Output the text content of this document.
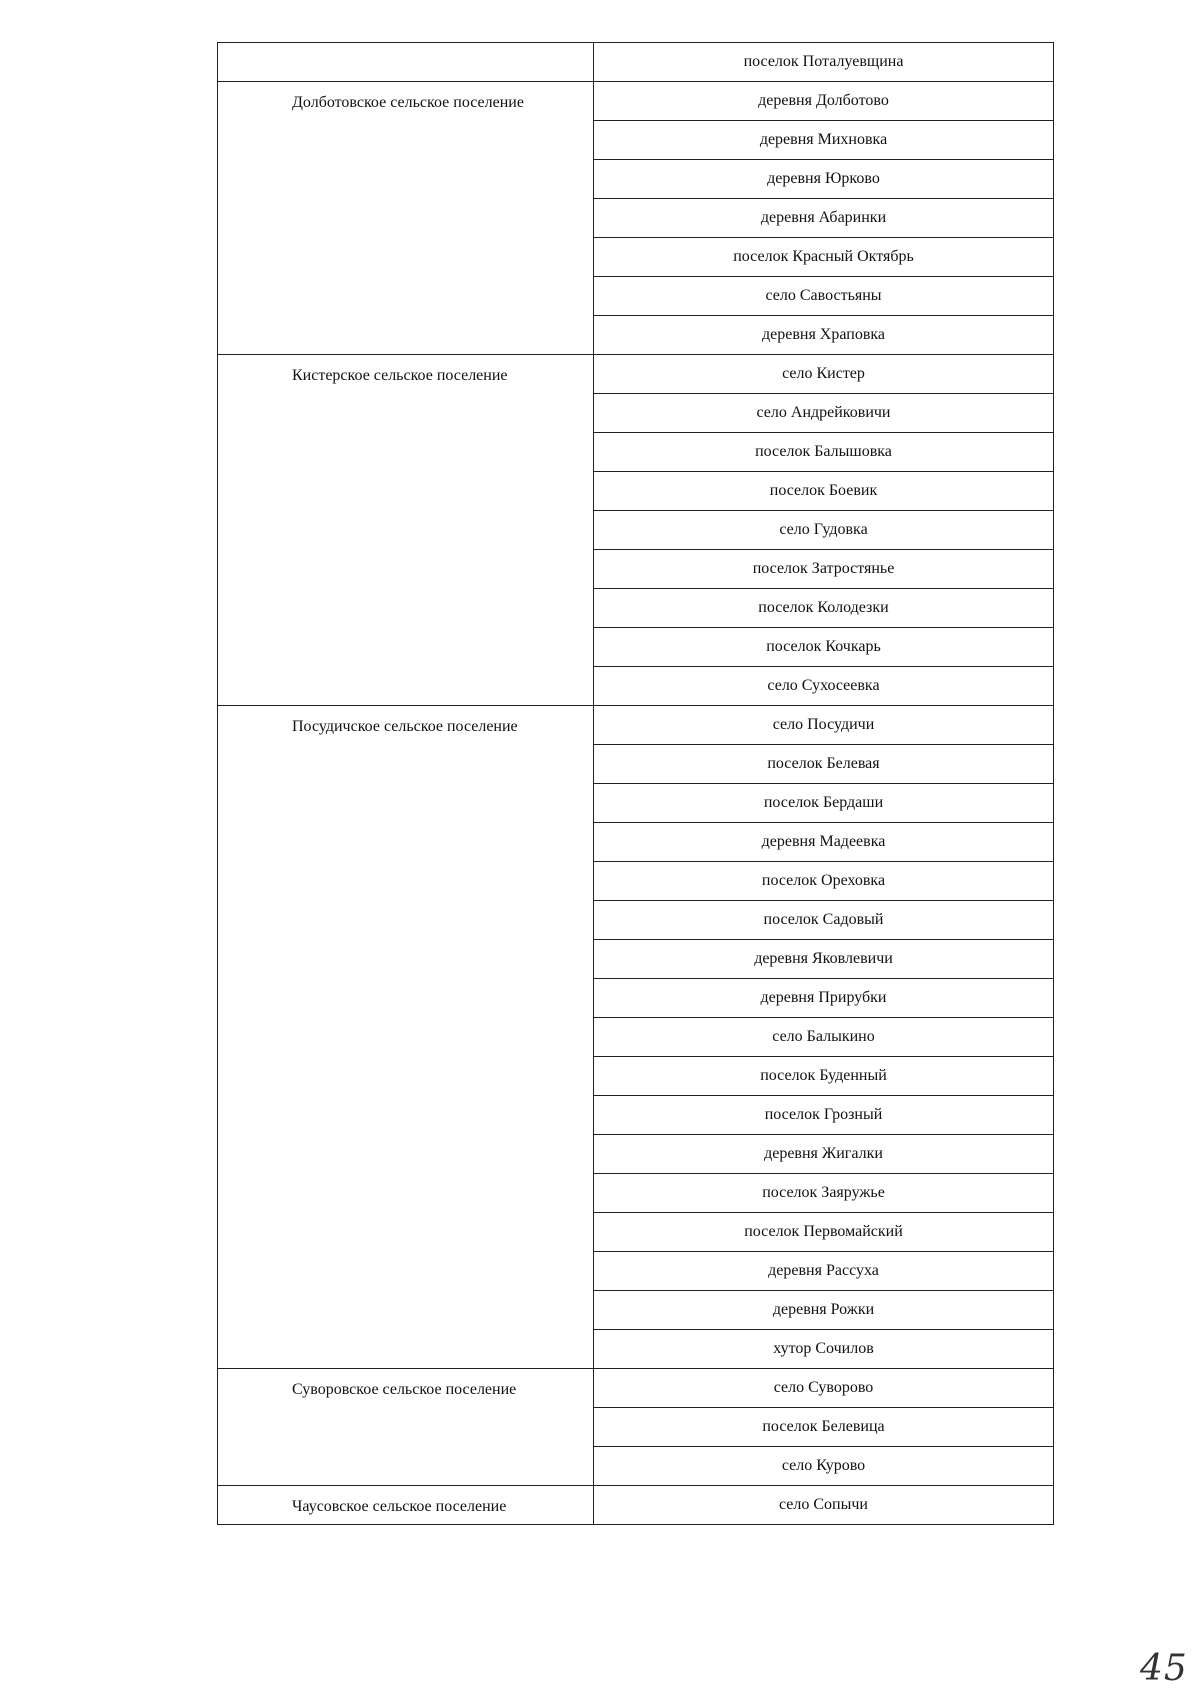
	поселок Поталуевщина

Долботовское сельское поселение	деревня Долботово
	деревня Михновка
	деревня Юрково
	деревня Абаринки
	поселок Красный Октябрь
	село Савостьяны
	деревня Храповка

Кистерское сельское поселение	село Кистер
	село Андрейковичи
	поселок Балышовка
	поселок Боевик
	село Гудовка
	поселок Затростянье
	поселок Колодезки
	поселок Кочкарь
	село Сухосеевка

Посудичское сельское поселение	село Посудичи
	поселок Белевая
	поселок Бердаши
	деревня Мадеевка
	поселок Ореховка
	поселок Садовый
	деревня Яковлевичи
	деревня Прирубки
	село Балыкино
	поселок Буденный
	поселок Грозный
	деревня Жигалки
	поселок Заяружье
	поселок Первомайский
	деревня Рассуха
	деревня Рожки
	хутор Сочилов

Суворовское сельское поселение	село Суворово
	поселок Белевица
	село Курово

Чаусовское сельское поселение	село Сопычи
45
